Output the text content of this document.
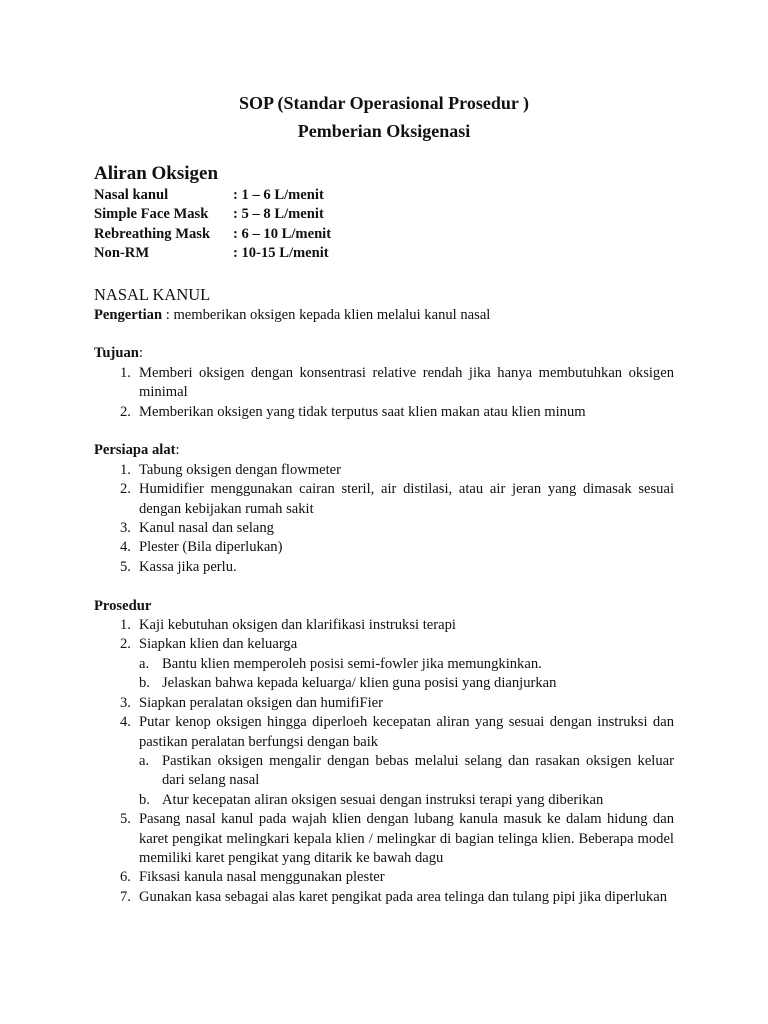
SOP (Standar Operasional Prosedur )
Pemberian Oksigenasi
Aliran Oksigen
Nasal kanul	: 1 – 6 L/menit
Simple Face Mask	: 5 – 8 L/menit
Rebreathing Mask	: 6 – 10 L/menit
Non-RM	: 10-15 L/menit
NASAL KANUL
Pengertian : memberikan oksigen kepada klien melalui kanul nasal
Tujuan:
1. Memberi oksigen dengan konsentrasi relative rendah jika hanya membutuhkan oksigen minimal
2. Memberikan oksigen yang tidak terputus saat klien makan atau klien minum
Persiapa alat:
1. Tabung oksigen dengan flowmeter
2. Humidifier menggunakan cairan steril, air distilasi, atau air jeran yang dimasak sesuai dengan kebijakan rumah sakit
3. Kanul nasal dan selang
4. Plester (Bila diperlukan)
5. Kassa jika perlu.
Prosedur
1. Kaji kebutuhan oksigen dan klarifikasi instruksi terapi
2. Siapkan klien dan keluarga
a. Bantu klien memperoleh posisi semi-fowler jika memungkinkan.
b. Jelaskan bahwa kepada keluarga/ klien guna posisi yang dianjurkan
3. Siapkan peralatan oksigen dan humifiFier
4. Putar kenop oksigen hingga diperloeh kecepatan aliran yang sesuai dengan instruksi dan pastikan peralatan berfungsi dengan baik
a. Pastikan oksigen mengalir dengan bebas melalui selang dan rasakan oksigen keluar dari selang nasal
b. Atur kecepatan aliran oksigen sesuai dengan instruksi terapi yang diberikan
5. Pasang nasal kanul pada wajah klien dengan lubang kanula masuk ke dalam hidung dan karet pengikat melingkari kepala klien / melingkar di bagian telinga klien. Beberapa model memiliki karet pengikat yang ditarik ke bawah dagu
6. Fiksasi kanula nasal menggunakan plester
7. Gunakan kasa sebagai alas karet pengikat pada area telinga dan tulang pipi jika diperlukan
